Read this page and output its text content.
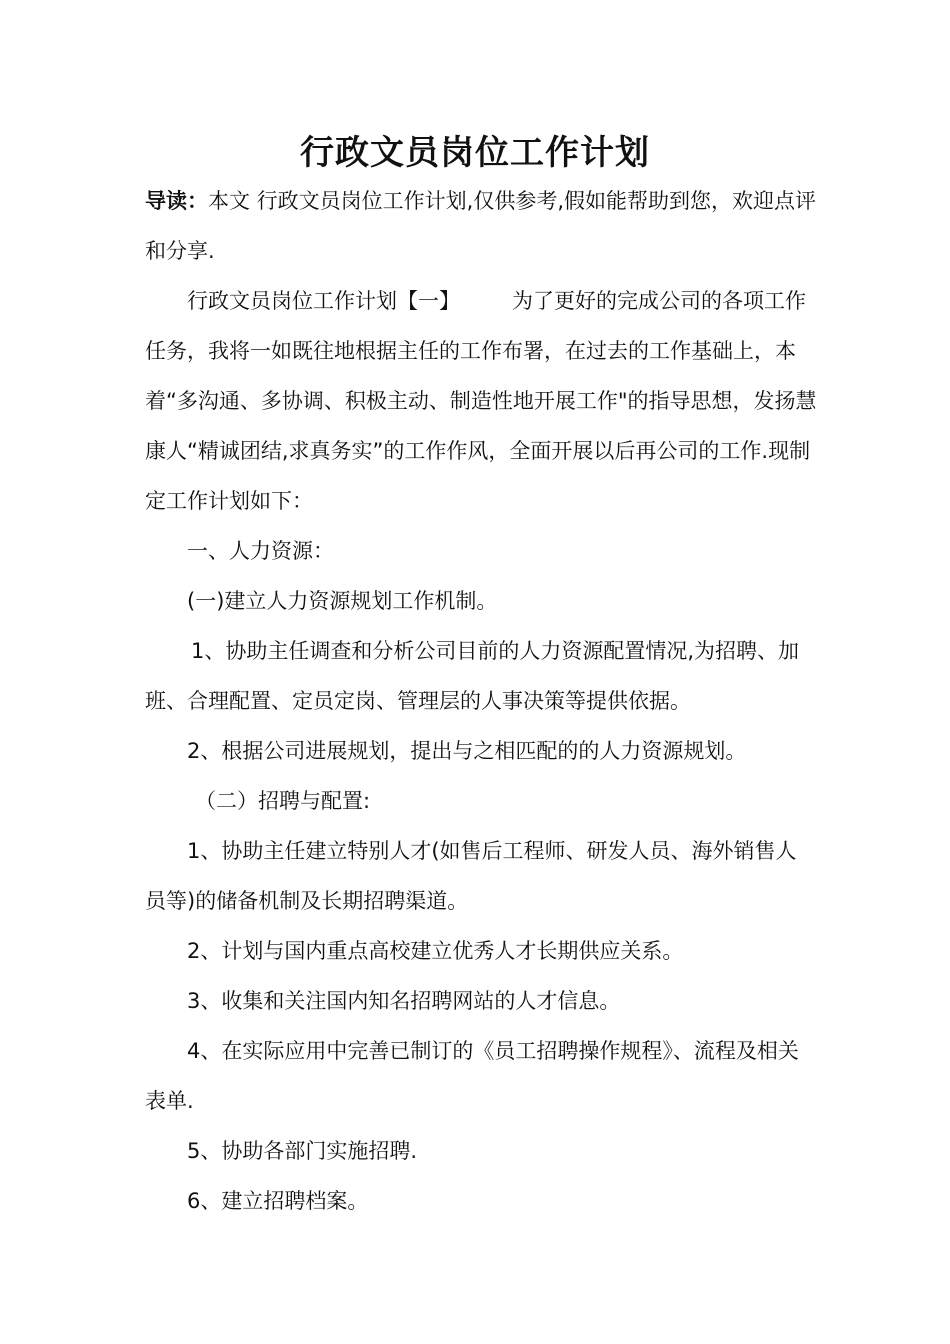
行政文员岗位工作计划

导读：本文 行政文员岗位工作计划,仅供参考,假如能帮助到您，欢迎点评和分享.

行政文员岗位工作计划【一】 为了更好的完成公司的各项工作任务，我将一如既往地根据主任的工作布署，在过去的工作基础上，本着“多沟通、多协调、积极主动、制造性地开展工作"的指导思想，发扬慧康人“精诚团结,求真务实”的工作作风，全面开展以后再公司的工作.现制定工作计划如下：

一、人力资源：

(一)建立人力资源规划工作机制。

1、协助主任调查和分析公司目前的人力资源配置情况,为招聘、加班、合理配置、定员定岗、管理层的人事决策等提供依据。

2、根据公司进展规划，提出与之相匹配的的人力资源规划。

（二）招聘与配置:

1、协助主任建立特别人才(如售后工程师、研发人员、海外销售人员等)的储备机制及长期招聘渠道。

2、计划与国内重点高校建立优秀人才长期供应关系。

3、收集和关注国内知名招聘网站的人才信息。

4、在实际应用中完善已制订的《员工招聘操作规程》、流程及相关表单.

5、协助各部门实施招聘.

6、建立招聘档案。
